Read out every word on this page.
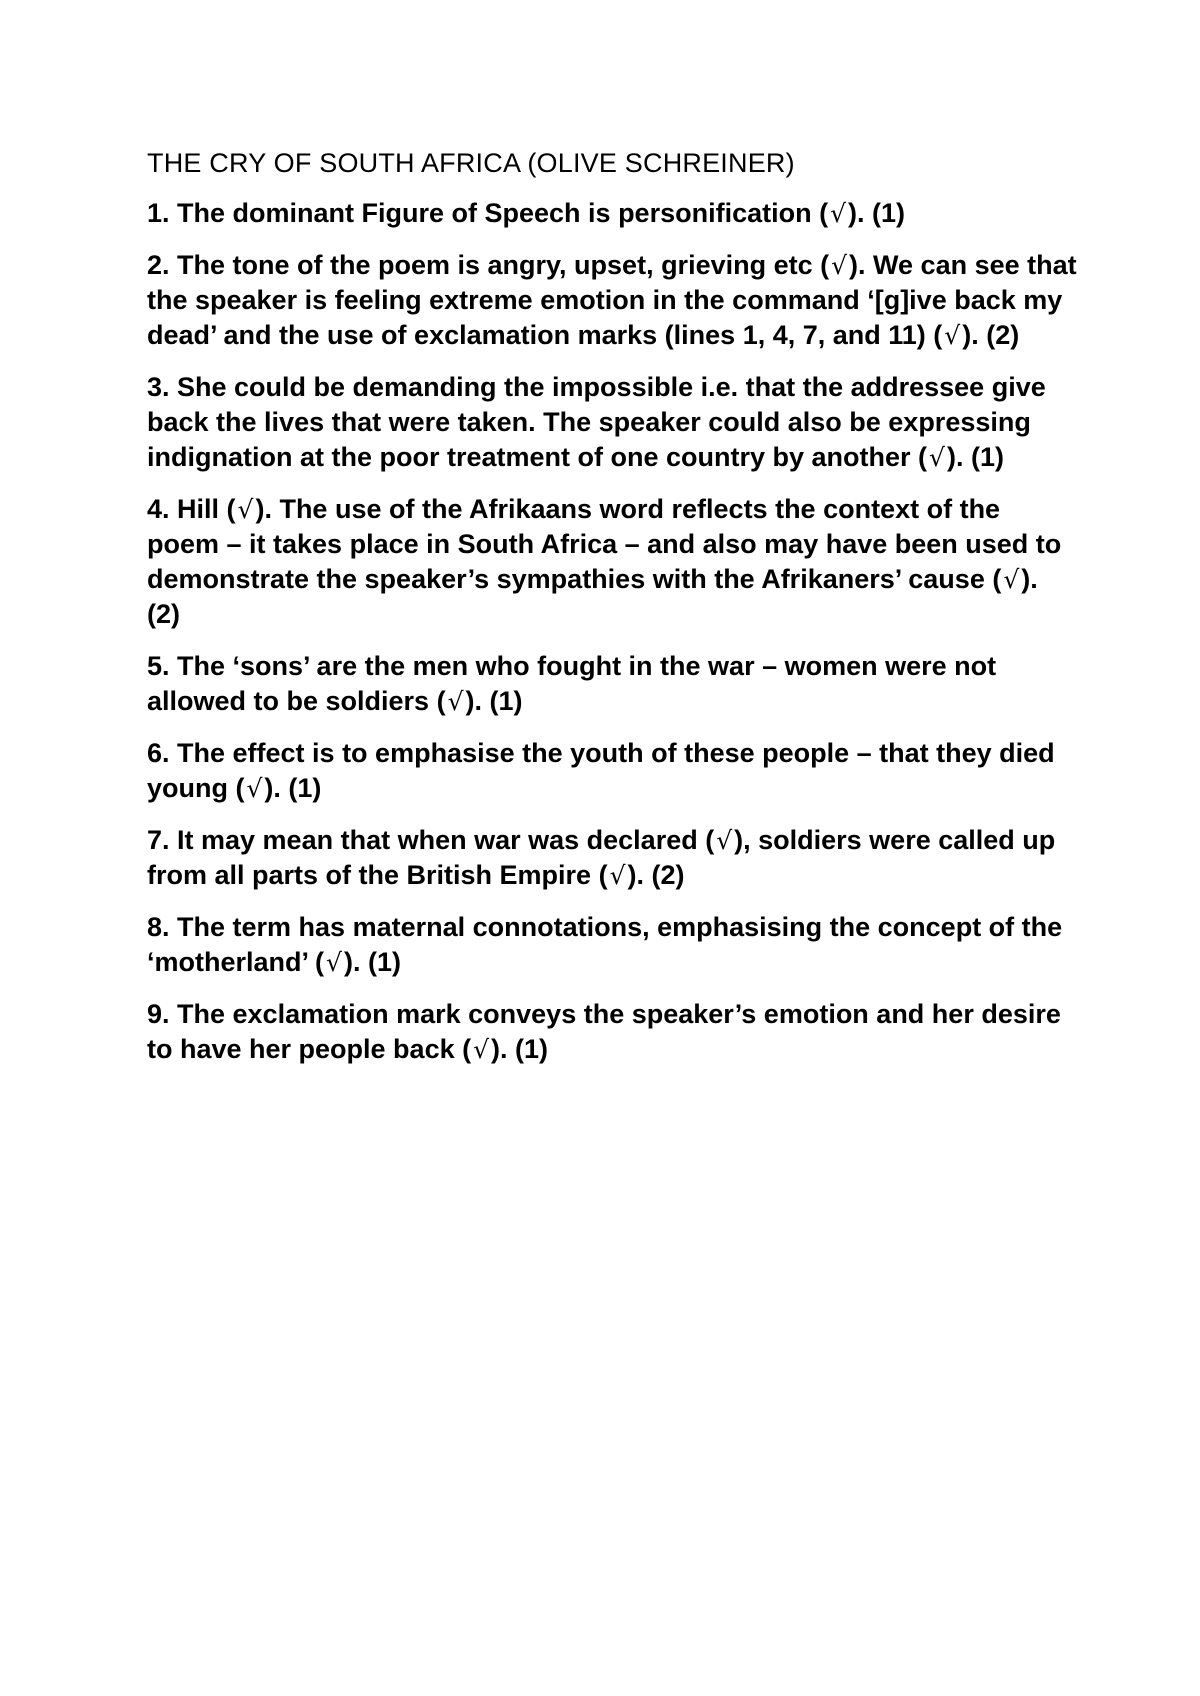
THE CRY OF SOUTH AFRICA (OLIVE SCHREINER)

1. The dominant Figure of Speech is personification (√). (1)

2. The tone of the poem is angry, upset, grieving etc (√). We can see that the speaker is feeling extreme emotion in the command ‘[g]ive back my dead’ and the use of exclamation marks (lines 1, 4, 7, and 11) (√). (2)

3. She could be demanding the impossible i.e. that the addressee give back the lives that were taken. The speaker could also be expressing indignation at the poor treatment of one country by another (√). (1)

4. Hill (√). The use of the Afrikaans word reflects the context of the poem – it takes place in South Africa – and also may have been used to demonstrate the speaker’s sympathies with the Afrikaners’ cause (√). (2)

5. The ‘sons’ are the men who fought in the war – women were not allowed to be soldiers (√). (1)

6. The effect is to emphasise the youth of these people – that they died young (√). (1)

7. It may mean that when war was declared (√), soldiers were called up from all parts of the British Empire (√). (2)

8. The term has maternal connotations, emphasising the concept of the ‘motherland’ (√). (1)

9. The exclamation mark conveys the speaker’s emotion and her desire to have her people back (√). (1)
